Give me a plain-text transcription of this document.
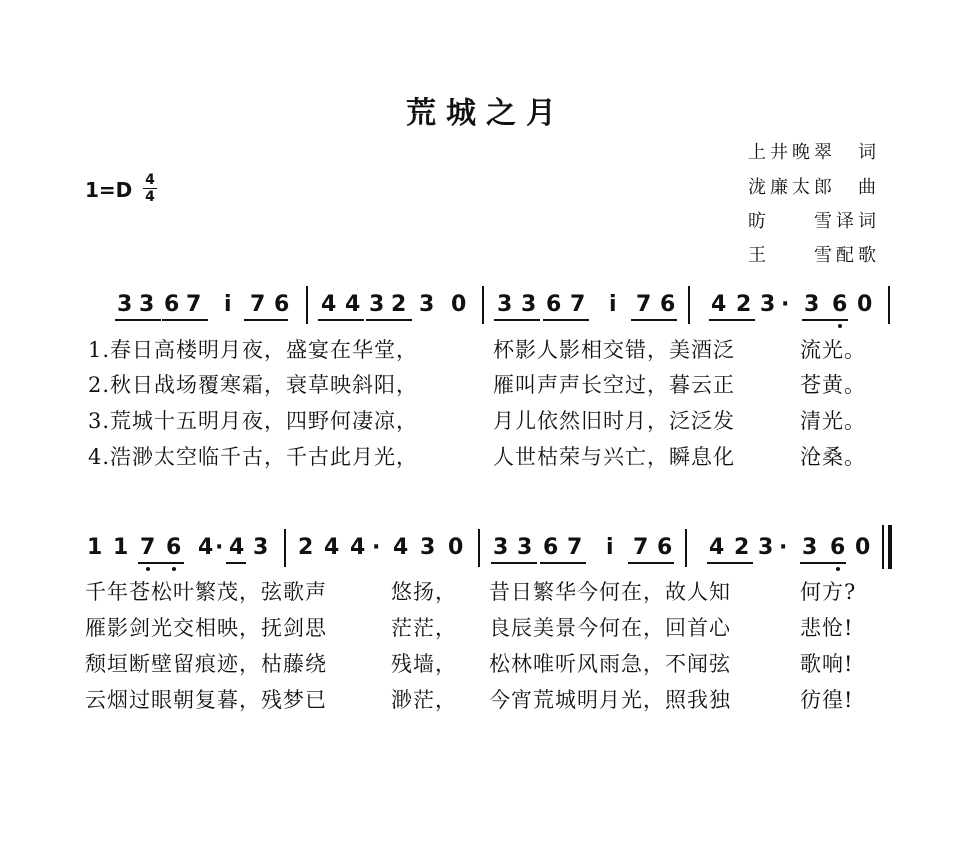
荒城之月
1=D 4
4
上井晚翠　词
泷廉太郎　曲
昉　　雪译词
王　　雪配歌
3 3 6 7 i 7 6 4 4 3 2 3 0 3 3 6 7 i 7 6 4 2 3 · 3 6 0
1.春日高楼明月夜，盛宴在华堂，	杯影人影相交错，美酒泛	流光。
2.秋日战场覆寒霜，衰草映斜阳，	雁叫声声长空过，暮云正	苍黄。
3.荒城十五明月夜，四野何凄凉，	月儿依然旧时月，泛泛发	清光。
4.浩渺太空临千古，千古此月光，	人世枯荣与兴亡，瞬息化	沧桑。
1 1 7 6 4 · 4 3 2 4 4 · 4 3 0 3 3 6 7 i 7 6 4 2 3 · 3 6 0
千年苍松叶繁茂，弦歌声	悠扬， 昔日繁华今何在，故人知	何方?
雁影剑光交相映，抚剑思	茫茫， 良辰美景今何在，回首心	悲怆!
颓垣断壁留痕迹，枯藤绕	残墙， 松林唯听风雨急，不闻弦	歌响!
云烟过眼朝复暮，残梦已	渺茫， 今宵荒城明月光，照我独	彷徨!
